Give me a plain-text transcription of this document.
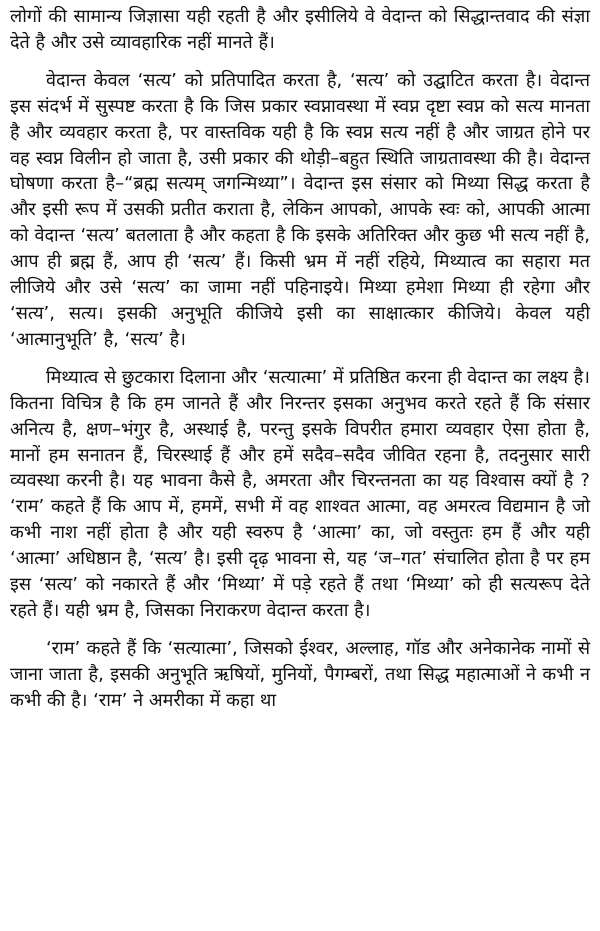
लोगों की सामान्य जिज्ञासा यही रहती है और इसीलिये वे वेदान्त को सिद्धान्तवाद की संज्ञा देते है और उसे व्यावहारिक नहीं मानते हैं।

वेदान्त केवल ‘सत्य’ को प्रतिपादित करता है, ‘सत्य’ को उद्घाटित करता है। वेदान्त इस संदर्भ में सुस्पष्ट करता है कि जिस प्रकार स्वप्नावस्था में स्वप्न दृष्टा स्वप्न को सत्य मानता है और व्यवहार करता है, पर वास्तविक यही है कि स्वप्न सत्य नहीं है और जाग्रत होने पर वह स्वप्न विलीन हो जाता है, उसी प्रकार की थोड़ी–बहुत स्थिति जाग्रतावस्था की है। वेदान्त घोषणा करता है–“ब्रह्म सत्यम् जगन्मिथ्या”। वेदान्त इस संसार को मिथ्या सिद्ध करता है और इसी रूप में उसकी प्रतीत कराता है, लेकिन आपको, आपके स्वः को, आपकी आत्मा को वेदान्त ‘सत्य’ बतलाता है और कहता है कि इसके अतिरिक्त और कुछ भी सत्य नहीं है, आप ही ब्रह्म हैं, आप ही ‘सत्य’ हैं। किसी भ्रम में नहीं रहिये, मिथ्यात्व का सहारा मत लीजिये और उसे ‘सत्य’ का जामा नहीं पहिनाइये। मिथ्या हमेशा मिथ्या ही रहेगा और ‘सत्य’, सत्य। इसकी अनुभूति कीजिये इसी का साक्षात्कार कीजिये। केवल यही ‘आत्मानुभूति’ है, ‘सत्य’ है।

मिथ्यात्व से छुटकारा दिलाना और ‘सत्यात्मा’ में प्रतिष्ठित करना ही वेदान्त का लक्ष्य है। कितना विचित्र है कि हम जानते हैं और निरन्तर इसका अनुभव करते रहते हैं कि संसार अनित्य है, क्षण–भंगुर है, अस्थाई है, परन्तु इसके विपरीत हमारा व्यवहार ऐसा होता है, मानों हम सनातन हैं, चिरस्थाई हैं और हमें सदैव–सदैव जीवित रहना है, तदनुसार सारी व्यवस्था करनी है। यह भावना कैसे है, अमरता और चिरन्तनता का यह विश्वास क्यों है ? ‘राम’ कहते हैं कि आप में, हममें, सभी में वह शाश्वत आत्मा, वह अमरत्व विद्यमान है जो कभी नाश नहीं होता है और यही स्वरुप है ‘आत्मा’ का, जो वस्तुतः हम हैं और यही ‘आत्मा’ अधिष्ठान है, ‘सत्य’ है। इसी दृढ़ भावना से, यह ‘ज–गत’ संचालित होता है पर हम इस ‘सत्य’ को नकारते हैं और ‘मिथ्या’ में पड़े रहते हैं तथा ‘मिथ्या’ को ही सत्यरूप देते रहते हैं। यही भ्रम है, जिसका निराकरण वेदान्त करता है।

‘राम’ कहते हैं कि ‘सत्यात्मा’, जिसको ईश्वर, अल्लाह, गॉड और अनेकानेक नामों से जाना जाता है, इसकी अनुभूति ऋषियों, मुनियों, पैगम्बरों, तथा सिद्ध महात्माओं ने कभी न कभी की है। ‘राम’ ने अमरीका में कहा था
